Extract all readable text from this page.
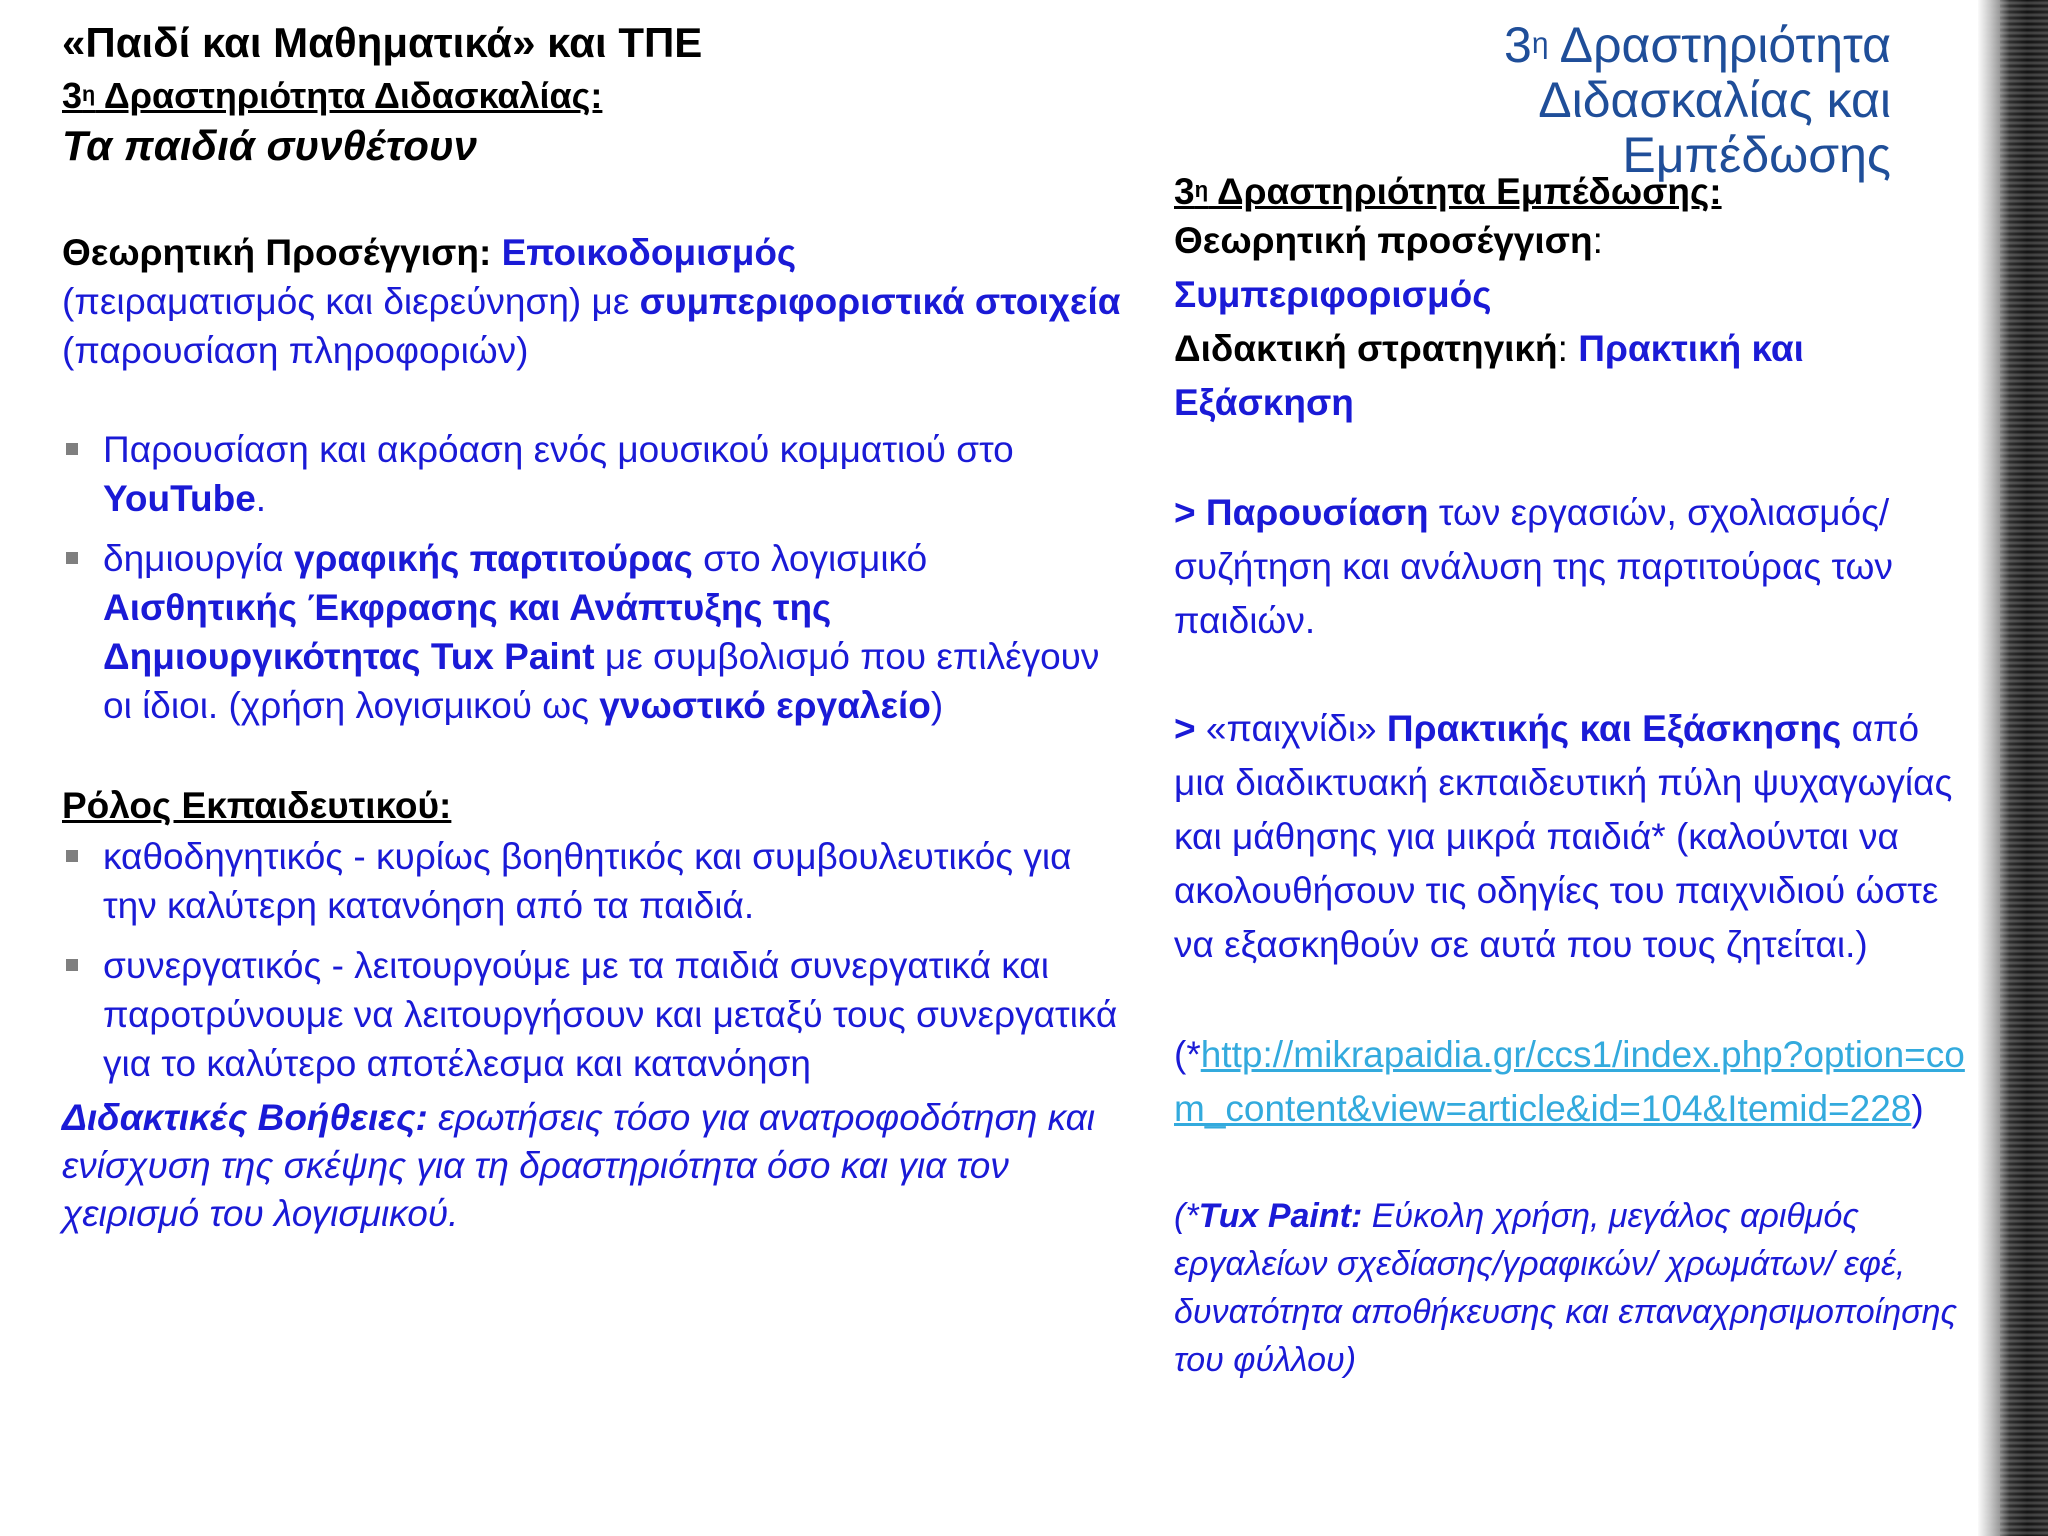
$3^\eta$ Δραστηριότητα
Διδασκαλίας και
Εμπέδωσης
«Παιδί και Μαθηματικά» και ΤΠΕ
$3^\eta$ Δραστηριότητα Διδασκαλίας:
Τα παιδιά συνθέτουν
Θεωρητική Προσέγγιση: Εποικοδομισμός
(πειραματισμός και διερεύνηση) με συμπεριφοριστικά στοιχεία (παρουσίαση πληροφοριών)
Παρουσίαση και ακρόαση ενός μουσικού κομματιού στο YouTube.
δημιουργία γραφικής παρτιτούρας στο λογισμικό Αισθητικής Έκφρασης και Ανάπτυξης της Δημιουργικότητας Tux Paint με συμβολισμό που επιλέγουν οι ίδιοι. (χρήση λογισμικού ως γνωστικό εργαλείο)
Ρόλος Εκπαιδευτικού:
καθοδηγητικός - κυρίως βοηθητικός και συμβουλευτικός για την καλύτερη κατανόηση από τα παιδιά.
συνεργατικός - λειτουργούμε με τα παιδιά συνεργατικά και παροτρύνουμε να λειτουργήσουν και μεταξύ τους συνεργατικά για το καλύτερο αποτέλεσμα και κατανόηση
Διδακτικές Βοήθειες: ερωτήσεις τόσο για ανατροφοδότηση και ενίσχυση της σκέψης για τη δραστηριότητα όσο και για τον χειρισμό του λογισμικού.
$3^\eta$ Δραστηριότητα Εμπέδωσης:
Θεωρητική προσέγγιση:
Συμπεριφορισμός
Διδακτική στρατηγική: Πρακτική και Εξάσκηση
> Παρουσίαση των εργασιών, σχολιασμός/συζήτηση και ανάλυση της παρτιτούρας των παιδιών.
> «παιχνίδι» Πρακτικής και Εξάσκησης από μια διαδικτυακή εκπαιδευτική πύλη ψυχαγωγίας και μάθησης για μικρά παιδιά* (καλούνται να ακολουθήσουν τις οδηγίες του παιχνιδιού ώστε να εξασκηθούν σε αυτά που τους ζητείται.)
(*http://mikrapaidia.gr/ccs1/index.php?option=com_content&view=article&id=104&Itemid=228)
(*Tux Paint: Εύκολη χρήση, μεγάλος αριθμός εργαλείων σχεδίασης/γραφικών/ χρωμάτων/ εφέ, δυνατότητα αποθήκευσης και επαναχρησιμοποίησης του φύλλου)
